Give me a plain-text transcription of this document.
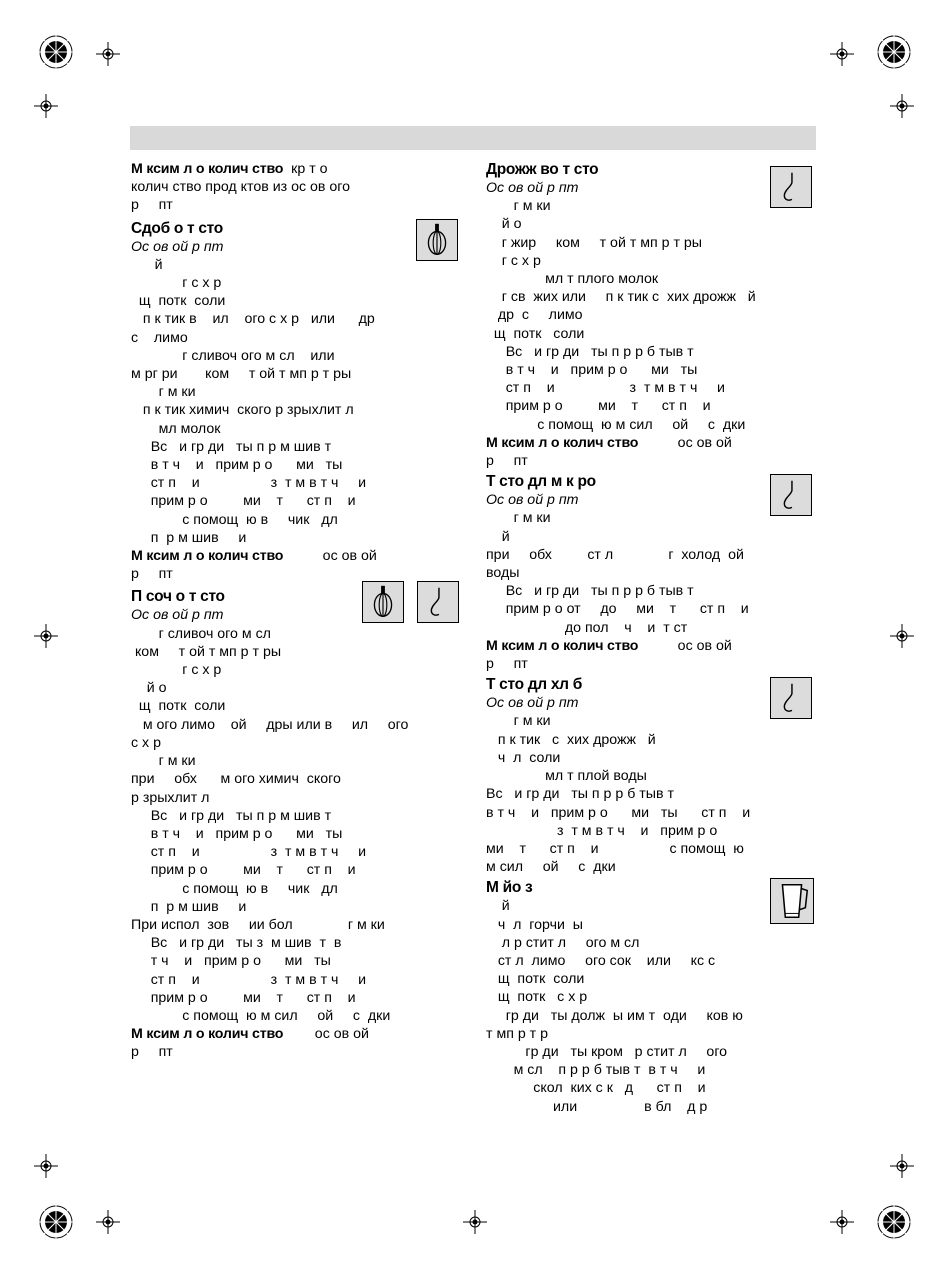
М ксим л о колич ство  кр т о
колич ство прод ктов из ос ов ого
р     пт
Сдоб о т сто
Ос ов ой р пт
й
г с х р
щ  потк  соли
п к тик в    ил    ого с х р   или      др
с    лимо
г сливоч ого м сл    или
м рг ри       ком     т ой т мп р т ры
г м ки
п к тик химич  ского р зрыхлит л
мл молок
Вс   и гр ди   ты п р м шив т
в т ч    и   прим р о      ми   ты
ст п    и                  з  т м в т ч     и
прим р о         ми    т      ст п    и
с помощ  ю в     чик   дл
п  р м шив     и
М ксим л о колич ство          ос ов ой
р     пт
П соч о т сто
Ос ов ой р пт
г сливоч ого м сл
ком     т ой т мп р т ры
г с х р
й о
щ  потк  соли
м ого лимо    ой     дры или в     ил     ого
с х р
г м ки
при     обх      м ого химич  ского
р зрыхлит л
Вс   и гр ди   ты п р м шив т
в т ч    и   прим р о      ми   ты
ст п    и                  з  т м в т ч     и
прим р о         ми    т      ст п    и
с помощ  ю в     чик   дл
п  р м шив     и
При испол  зов     ии бол              г м ки
Вс   и гр ди   ты з  м шив  т  в
т ч    и   прим р о      ми   ты
ст п    и                  з  т м в т ч     и
прим р о         ми    т      ст п    и
с помощ  ю м сил     ой     с  дки
М ксим л о колич ство        ос ов ой
р     пт
Дрожж во т сто
Ос ов ой р пт
г м ки
й о
г жир     ком     т ой т мп р т ры
г с х р
мл т плого молок
г св  жих или     п к тик с  хих дрожж   й
др  с     лимо
щ  потк   соли
Вс   и гр ди   ты п р р б тыв т
в т ч    и   прим р о      ми   ты
ст п    и                   з  т м в т ч     и
прим р о         ми    т      ст п    и
с помощ  ю м сил     ой     с  дки
М ксим л о колич ство          ос ов ой
р     пт
Т сто дл м к ро
Ос ов ой р пт
г м ки
й
при     обх         ст л              г  холод  ой
воды
Вс   и гр ди   ты п р р б тыв т
прим р о от     до     ми    т      ст п    и
до пол    ч    и  т ст
М ксим л о колич ство          ос ов ой
р     пт
Т сто дл хл б
Ос ов ой р пт
г м ки
п к тик   с  хих дрожж   й
ч  л  соли
мл т плой воды
Вс   и гр ди   ты п р р б тыв т
в т ч    и   прим р о      ми   ты      ст п    и
з  т м в т ч    и   прим р о
ми    т      ст п    и                  с помощ  ю
м сил     ой     с  дки
М йо з
й
ч  л  горчи  ы
л р стит л     ого м сл
ст л  лимо     ого сок    или     кс с
щ  потк  соли
щ  потк   с х р
гр ди   ты долж  ы им т  оди     ков ю
т мп р т р
гр ди   ты кром   р стит л     ого
м сл    п р р б тыв т  в т ч     и
скол  ких с к   д      ст п    и
или                 в бл    д р
